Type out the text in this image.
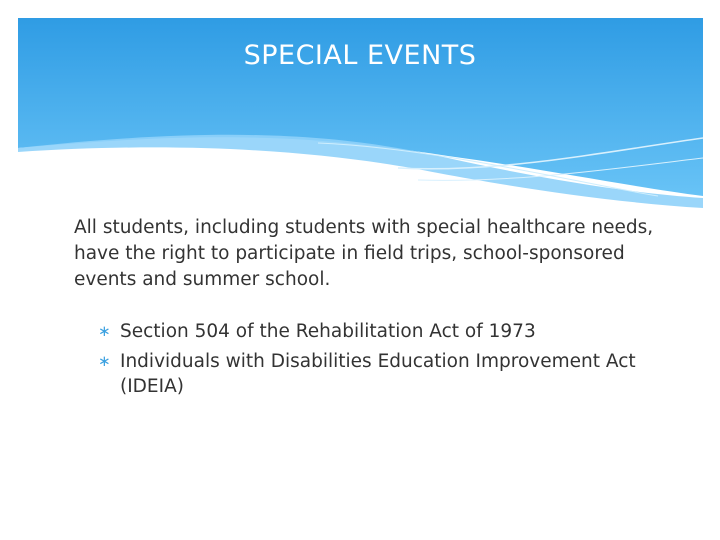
SPECIAL EVENTS

All students, including students with special healthcare needs, have the right to participate in field trips, school-sponsored events and summer school.

∗ Section 504 of the Rehabilitation Act of 1973
∗ Individuals with Disabilities Education Improvement Act (IDEIA)
